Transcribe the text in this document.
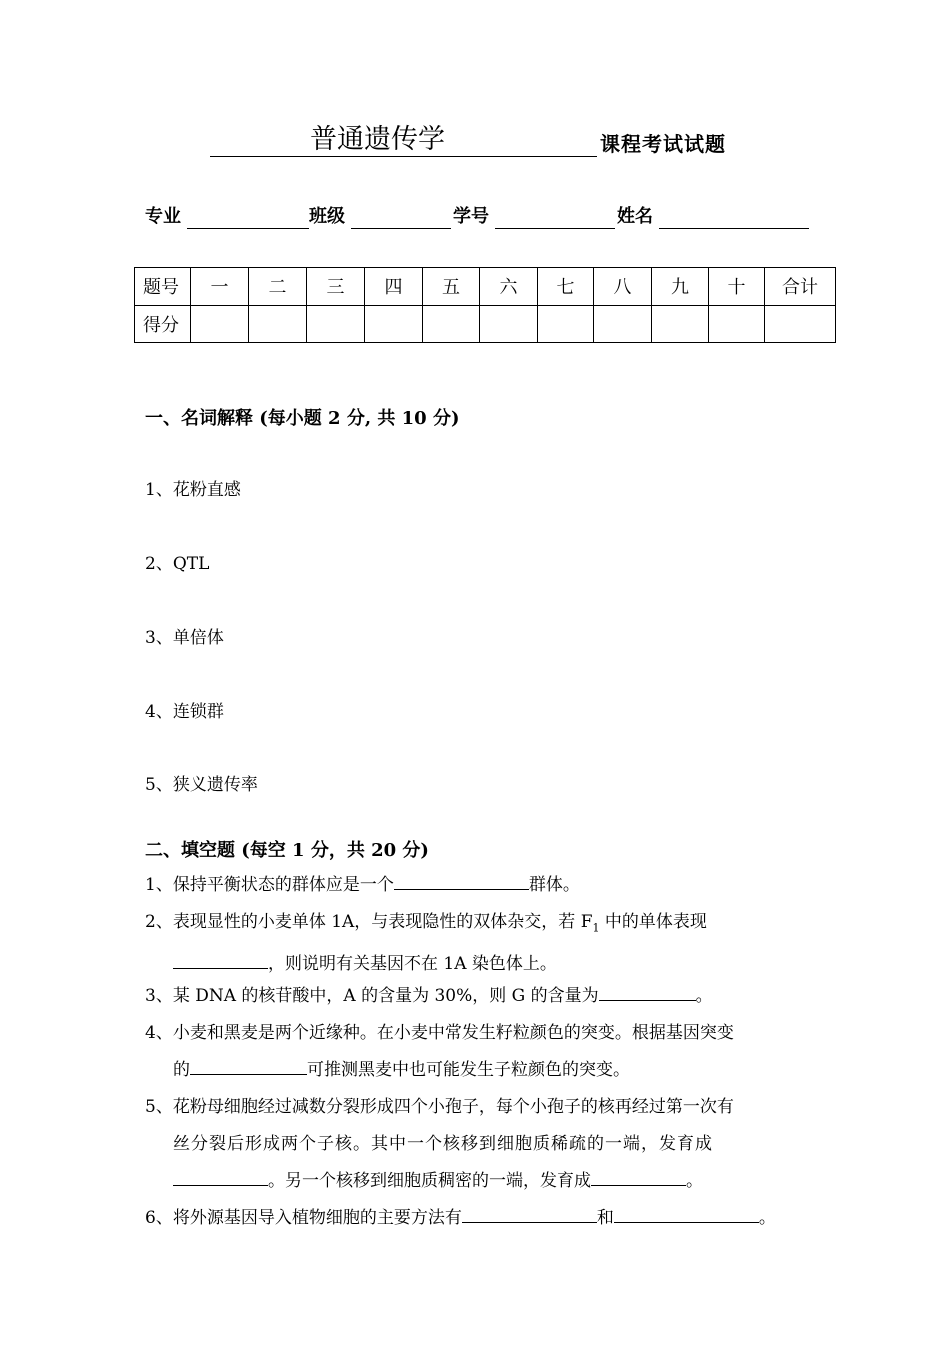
普通遗传学	课程考试试题
专业	班级	学号	姓名
题号	一	二	三	四	五	六	七	八	九	十	合计
得分											
一、名词解释 (每小题 2 分, 共 10 分)
1、花粉直感
2、QTL
3、单倍体
4、连锁群
5、狭义遗传率
二、填空题 (每空 1 分，共 20 分)
1、保持平衡状态的群体应是一个	群体。
2、表现显性的小麦单体 1A，与表现隐性的双体杂交，若 $F_1$ 中的单体表现
，则说明有关基因不在 1A 染色体上。
3、某 DNA 的核苷酸中，A 的含量为 30%，则 G 的含量为	。
4、小麦和黑麦是两个近缘种。在小麦中常发生籽粒颜色的突变。根据基因突变
的	可推测黑麦中也可能发生子粒颜色的突变。
5、花粉母细胞经过减数分裂形成四个小孢子，每个小孢子的核再经过第一次有
丝分裂后形成两个子核。其中一个核移到细胞质稀疏的一端，发育成
。另一个核移到细胞质稠密的一端，发育成	。
6、将外源基因导入植物细胞的主要方法有	和	。
